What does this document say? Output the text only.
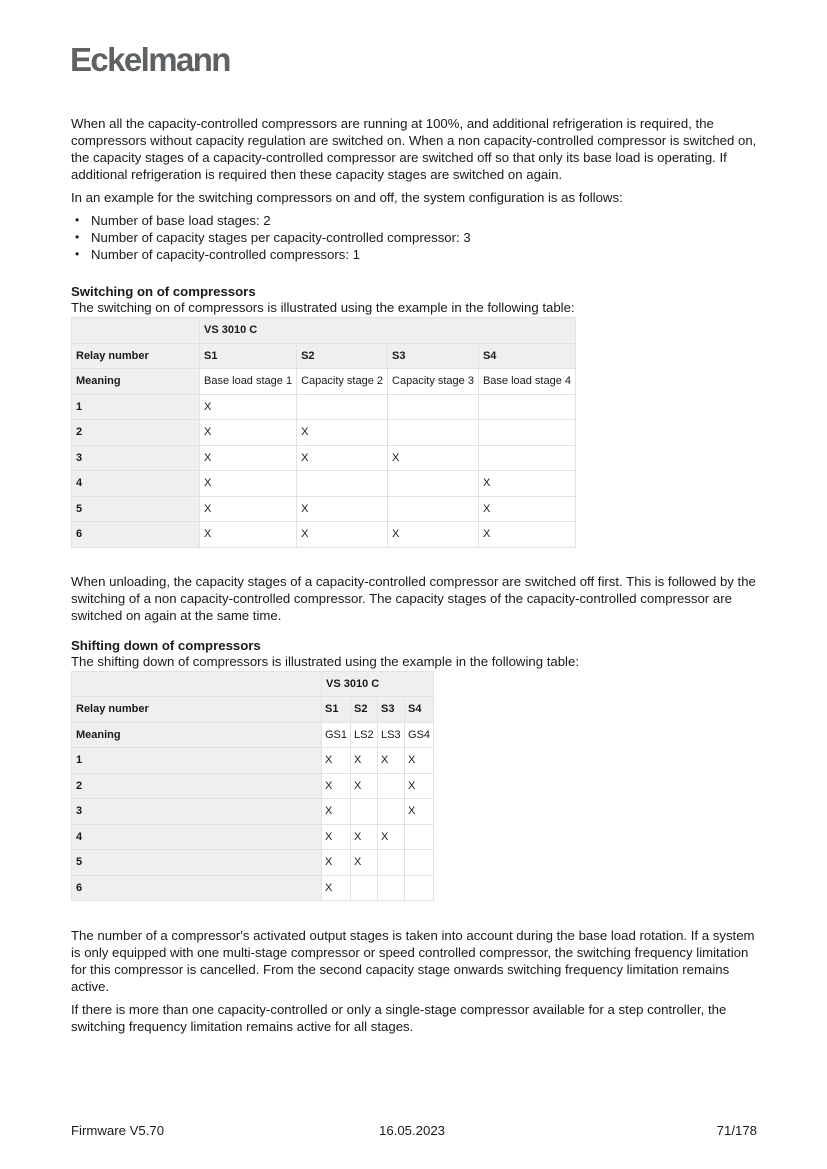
Eckelmann

When all the capacity-controlled compressors are running at 100%, and additional refrigeration is required, the compressors without capacity regulation are switched on. When a non capacity-controlled compressor is switched on, the capacity stages of a capacity-controlled compressor are switched off so that only its base load is operating. If additional refrigeration is required then these capacity stages are switched on again.

In an example for the switching compressors on and off, the system configuration is as follows:

• Number of base load stages: 2
• Number of capacity stages per capacity-controlled compressor: 3
• Number of capacity-controlled compressors: 1
Switching on of compressors

The switching on of compressors is illustrated using the example in the following table:

	VS 3010 C			
Relay number	S1	S2	S3	S4
Meaning	Base load stage 1	Capacity stage 2	Capacity stage 3	Base load stage 4
1	X			
2	X	X		
3	X	X	X	
4	X			X
5	X	X		X
6	X	X	X	X

When unloading, the capacity stages of a capacity-controlled compressor are switched off first. This is followed by the switching of a non capacity-controlled compressor. The capacity stages of the capacity-controlled compressor are switched on again at the same time.

Shifting down of compressors

The shifting down of compressors is illustrated using the example in the following table:

	VS 3010 C			
Relay number	S1	S2	S3	S4
Meaning	GS1	LS2	LS3	GS4
1	X	X	X	X
2	X	X		X
3	X			X
4	X	X	X	
5	X	X		
6	X			

The number of a compressor's activated output stages is taken into account during the base load rotation. If a system is only equipped with one multi-stage compressor or speed controlled compressor, the switching frequency limitation for this compressor is cancelled. From the second capacity stage onwards switching frequency limitation remains active.

If there is more than one capacity-controlled or only a single-stage compressor available for a step controller, the switching frequency limitation remains active for all stages.

Firmware V5.70	16.05.2023	71/178
